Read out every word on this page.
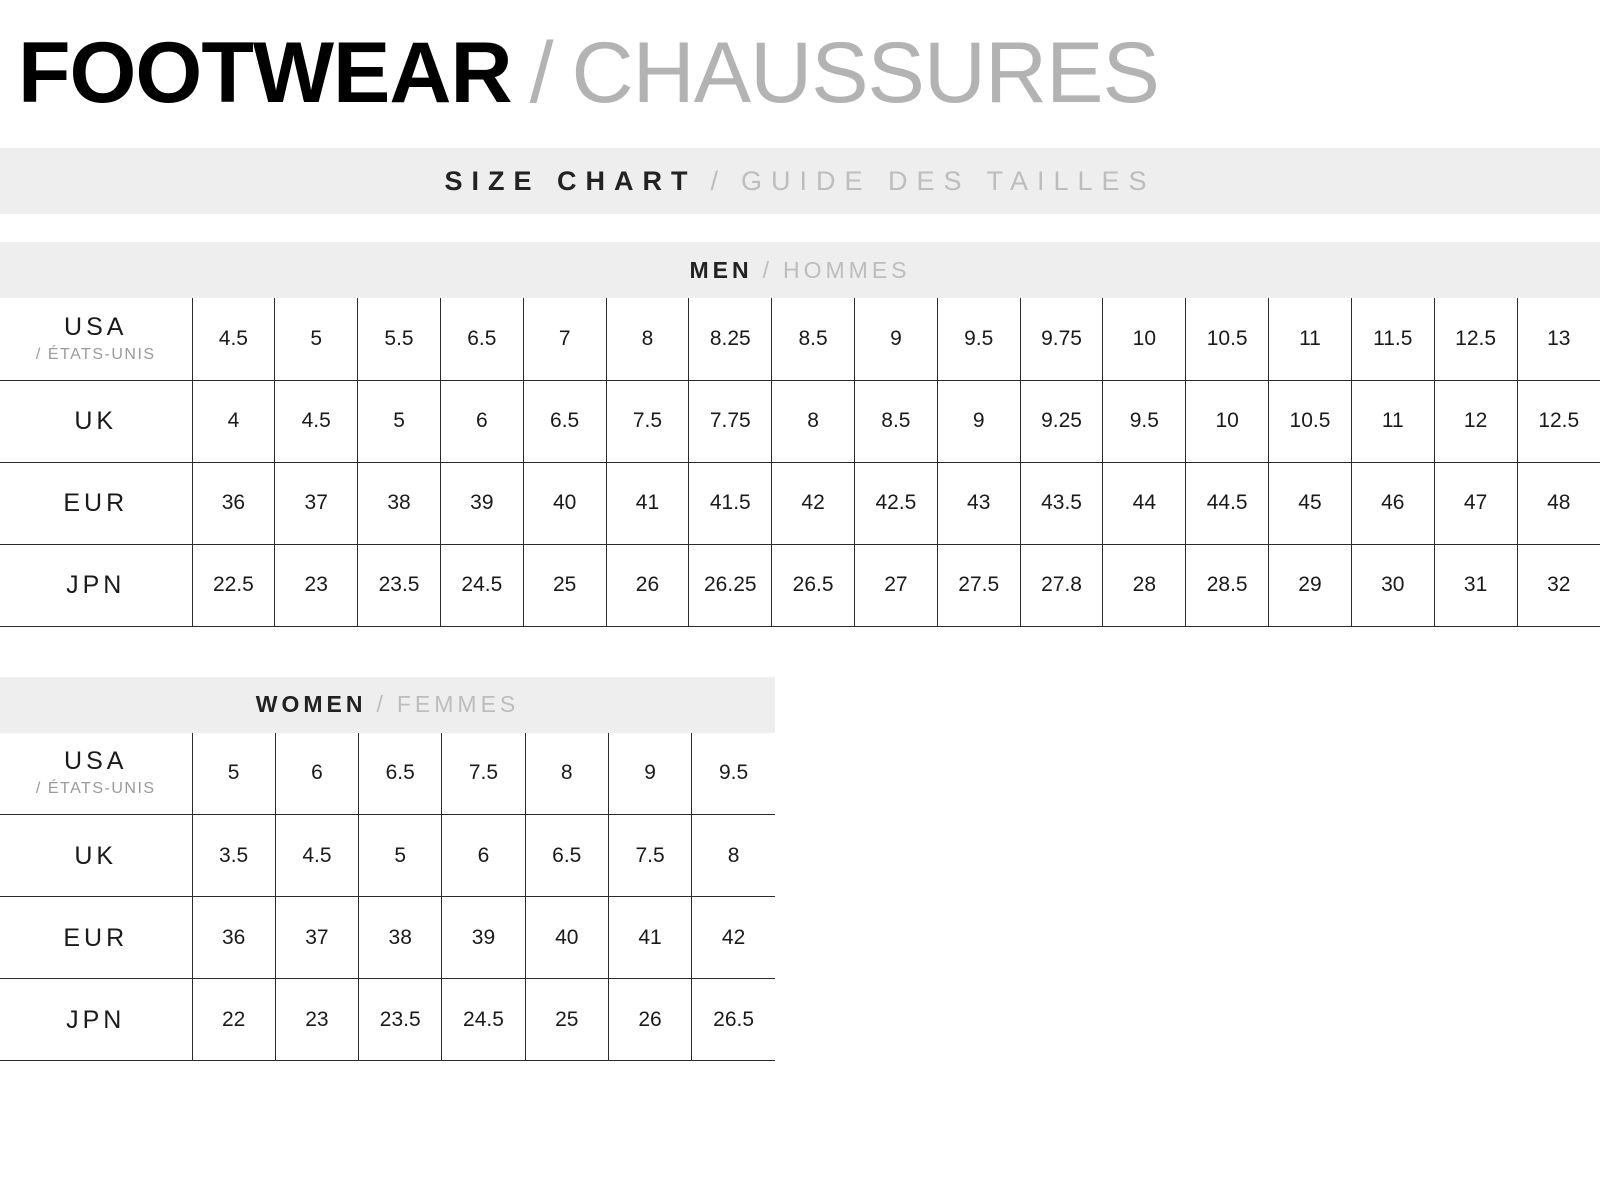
FOOTWEAR / CHAUSSURES
SIZE CHART / GUIDE DES TAILLES
MEN / HOMMES
USA
/ ÉTATS-UNIS	4.5	5	5.5	6.5	7	8	8.25	8.5	9	9.5	9.75	10	10.5	11	11.5	12.5	13

UK	4	4.5	5	6	6.5	7.5	7.75	8	8.5	9	9.25	9.5	10	10.5	11	12	12.5

EUR	36	37	38	39	40	41	41.5	42	42.5	43	43.5	44	44.5	45	46	47	48

JPN	22.5	23	23.5	24.5	25	26	26.25	26.5	27	27.5	27.8	28	28.5	29	30	31	32
WOMEN / FEMMES
USA
/ ÉTATS-UNIS	5	6	6.5	7.5	8	9	9.5

UK	3.5	4.5	5	6	6.5	7.5	8

EUR	36	37	38	39	40	41	42

JPN	22	23	23.5	24.5	25	26	26.5
